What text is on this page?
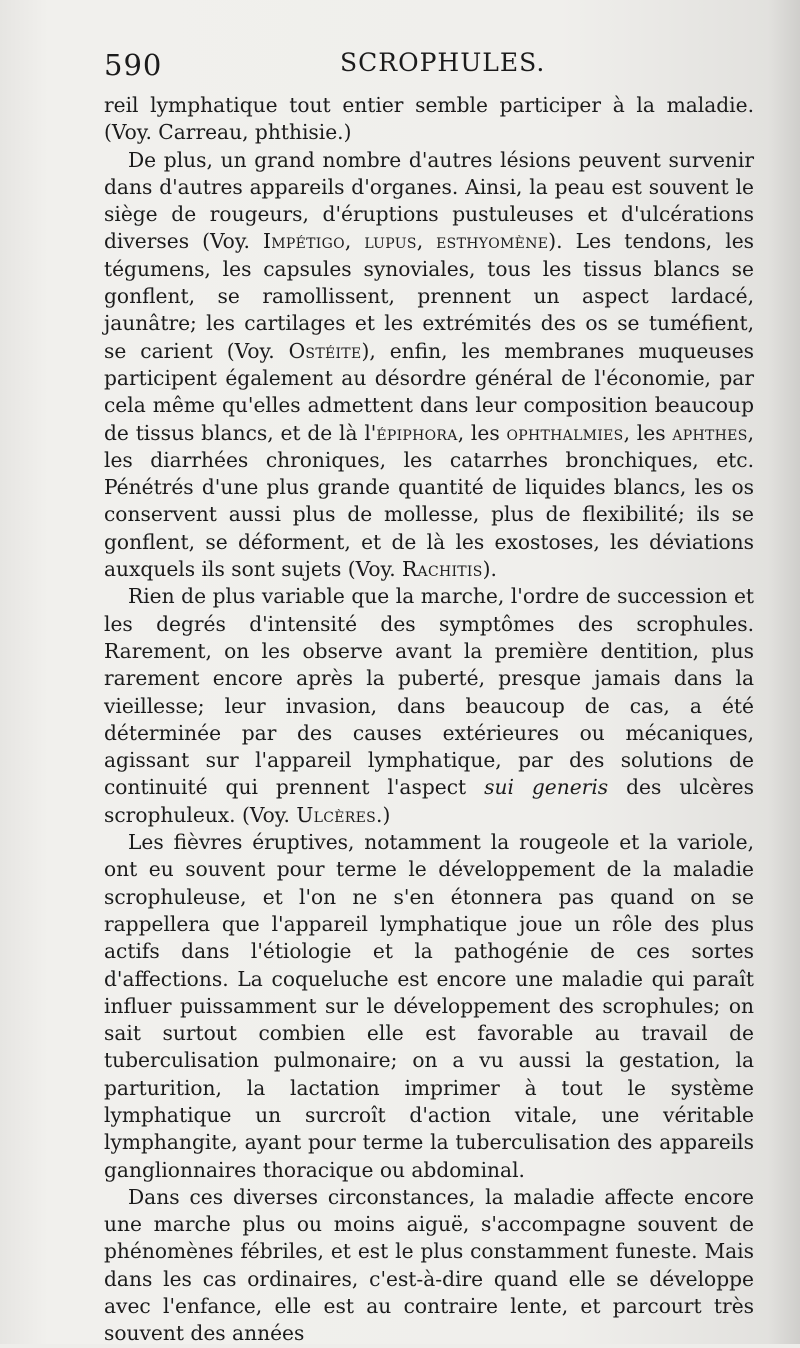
590	SCROPHULES.

reil lymphatique tout entier semble participer à la maladie. (Voy. Carreau, phthisie.)

De plus, un grand nombre d'autres lésions peuvent survenir dans d'autres appareils d'organes. Ainsi, la peau est souvent le siège de rougeurs, d'éruptions pustuleuses et d'ulcérations diverses (Voy. Impétigo, lupus, esthyomène). Les tendons, les tégumens, les capsules synoviales, tous les tissus blancs se gonflent, se ramollissent, prennent un aspect lardacé, jaunâtre; les cartilages et les extrémités des os se tuméfient, se carient (Voy. Ostéite), enfin, les membranes muqueuses participent également au désordre général de l'économie, par cela même qu'elles admettent dans leur composition beaucoup de tissus blancs, et de là l'épiphora, les ophthalmies, les aphthes, les diarrhées chroniques, les catarrhes bronchiques, etc. Pénétrés d'une plus grande quantité de liquides blancs, les os conservent aussi plus de mollesse, plus de flexibilité; ils se gonflent, se déforment, et de là les exostoses, les déviations auxquels ils sont sujets (Voy. Rachitis).

Rien de plus variable que la marche, l'ordre de succession et les degrés d'intensité des symptômes des scrophules. Rarement, on les observe avant la première dentition, plus rarement encore après la puberté, presque jamais dans la vieillesse; leur invasion, dans beaucoup de cas, a été déterminée par des causes extérieures ou mécaniques, agissant sur l'appareil lymphatique, par des solutions de continuité qui prennent l'aspect sui generis des ulcères scrophuleux. (Voy. Ulcères.)

Les fièvres éruptives, notamment la rougeole et la variole, ont eu souvent pour terme le développement de la maladie scrophuleuse, et l'on ne s'en étonnera pas quand on se rappellera que l'appareil lymphatique joue un rôle des plus actifs dans l'étiologie et la pathogénie de ces sortes d'affections. La coqueluche est encore une maladie qui paraît influer puissamment sur le développement des scrophules; on sait surtout combien elle est favorable au travail de tuberculisation pulmonaire; on a vu aussi la gestation, la parturition, la lactation imprimer à tout le système lymphatique un surcroît d'action vitale, une véritable lymphangite, ayant pour terme la tuberculisation des appareils ganglionnaires thoracique ou abdominal.

Dans ces diverses circonstances, la maladie affecte encore une marche plus ou moins aiguë, s'accompagne souvent de phénomènes fébriles, et est le plus constamment funeste. Mais dans les cas ordinaires, c'est-à-dire quand elle se développe avec l'enfance, elle est au contraire lente, et parcourt très souvent des années
